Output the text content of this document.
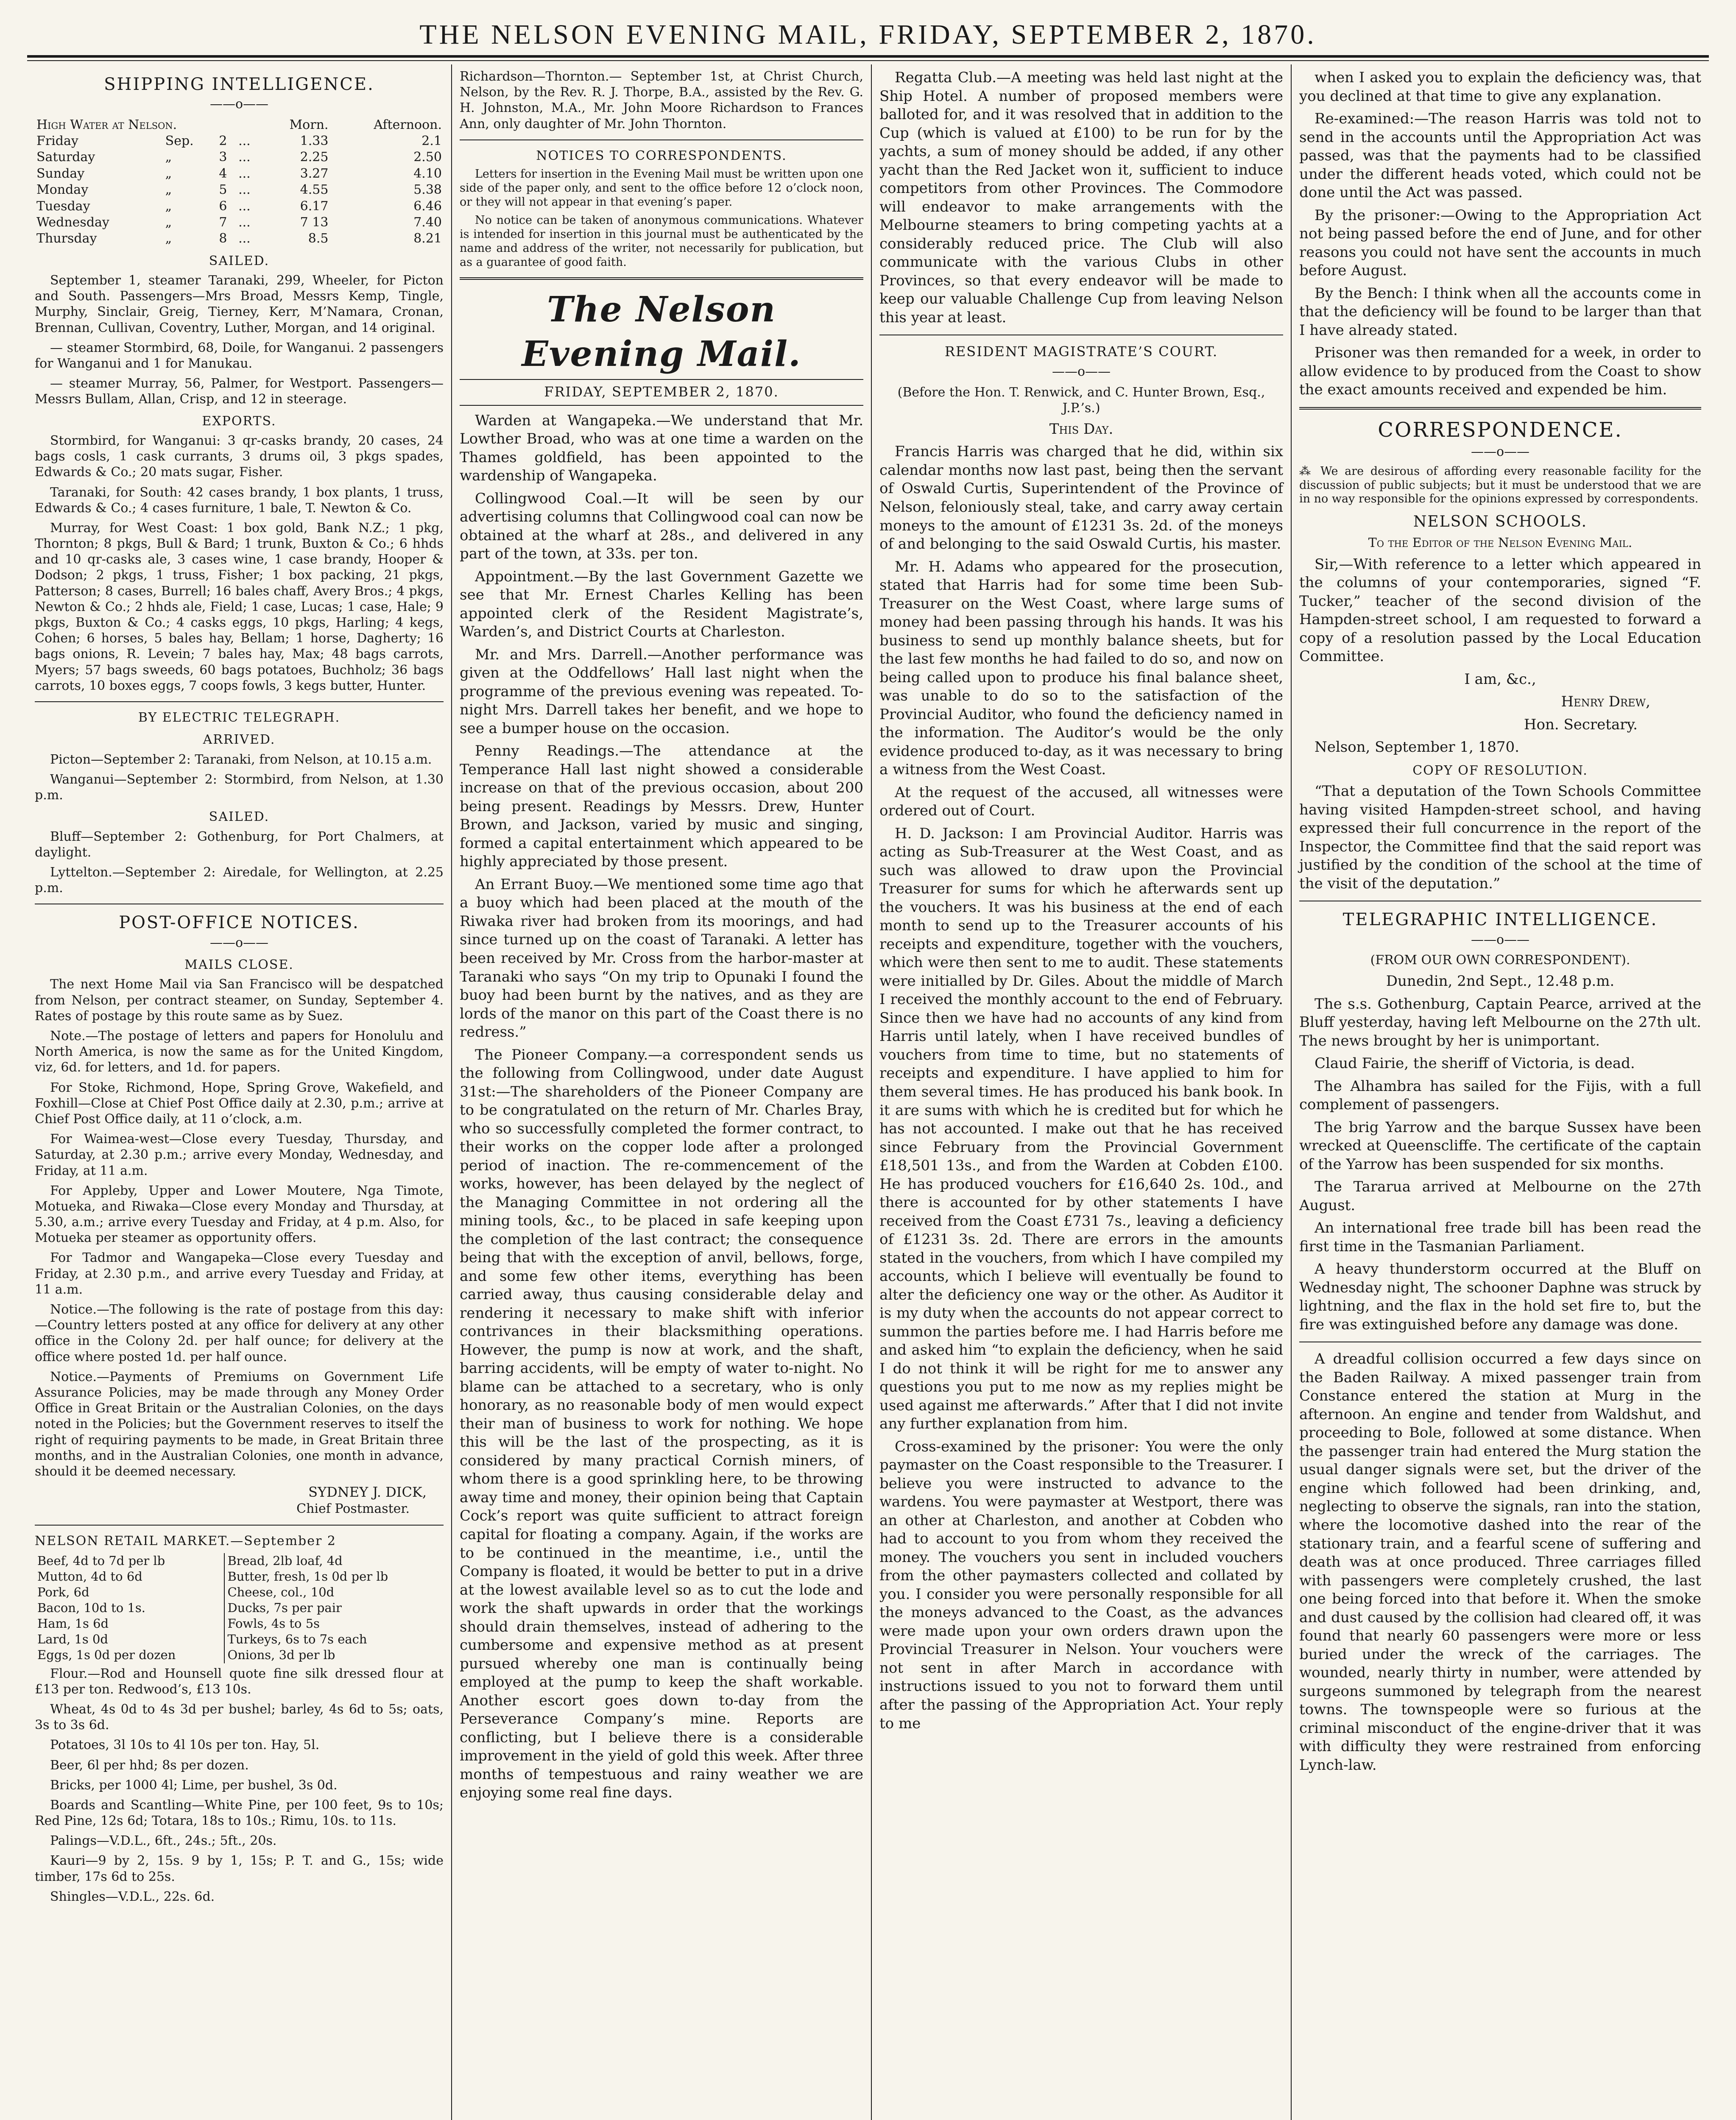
THE NELSON EVENING MAIL, FRIDAY, SEPTEMBER 2, 1870.
SHIPPING INTELLIGENCE.
——o——
High Water at Nelson.				Morn.	Afternoon.
Friday	Sep.	2	...	1.33	2.1
Saturday	„	3	...	2.25	2.50
Sunday	„	4	...	3.27	4.10
Monday	„	5	...	4.55	5.38
Tuesday	„	6	...	6.17	6.46
Wednesday	„	7	...	7 13	7.40
Thursday	„	8	...	8.5	8.21
SAILED.

September 1, steamer Taranaki, 299, Wheeler, for Picton and South. Passengers—Mrs Broad, Messrs Kemp, Tingle, Murphy, Sinclair, Greig, Tierney, Kerr, M’Namara, Cronan, Brennan, Cullivan, Coventry, Luther, Morgan, and 14 original.

— steamer Stormbird, 68, Doile, for Wanganui. 2 passengers for Wanganui and 1 for Manukau.

— steamer Murray, 56, Palmer, for Westport. Passengers—Messrs Bullam, Allan, Crisp, and 12 in steerage.

EXPORTS.

Stormbird, for Wanganui: 3 qr-casks brandy, 20 cases, 24 bags cosls, 1 cask currants, 3 drums oil, 3 pkgs spades, Edwards & Co.; 20 mats sugar, Fisher.

Taranaki, for South: 42 cases brandy, 1 box plants, 1 truss, Edwards & Co.; 4 cases furniture, 1 bale, T. Newton & Co.

Murray, for West Coast: 1 box gold, Bank N.Z.; 1 pkg, Thornton; 8 pkgs, Bull & Bard; 1 trunk, Buxton & Co.; 6 hhds and 10 qr-casks ale, 3 cases wine, 1 case brandy, Hooper & Dodson; 2 pkgs, 1 truss, Fisher; 1 box packing, 21 pkgs, Patterson; 8 cases, Burrell; 16 bales chaff, Avery Bros.; 4 pkgs, Newton & Co.; 2 hhds ale, Field; 1 case, Lucas; 1 case, Hale; 9 pkgs, Buxton & Co.; 4 casks eggs, 10 pkgs, Harling; 4 kegs, Cohen; 6 horses, 5 bales hay, Bellam; 1 horse, Dagherty; 16 bags onions, R. Levein; 7 bales hay, Max; 48 bags carrots, Myers; 57 bags sweeds, 60 bags potatoes, Buchholz; 36 bags carrots, 10 boxes eggs, 7 coops fowls, 3 kegs butter, Hunter.

BY ELECTRIC TELEGRAPH.
ARRIVED.

Picton—September 2: Taranaki, from Nelson, at 10.15 a.m.

Wanganui—September 2: Stormbird, from Nelson, at 1.30 p.m.

SAILED.

Bluff—September 2: Gothenburg, for Port Chalmers, at daylight.

Lyttelton.—September 2: Airedale, for Wellington, at 2.25 p.m.

POST-OFFICE NOTICES.
——o——
MAILS CLOSE.

The next Home Mail via San Francisco will be despatched from Nelson, per contract steamer, on Sunday, September 4. Rates of postage by this route same as by Suez.

Note.—The postage of letters and papers for Honolulu and North America, is now the same as for the United Kingdom, viz, 6d. for letters, and 1d. for papers.

For Stoke, Richmond, Hope, Spring Grove, Wakefield, and Foxhill—Close at Chief Post Office daily at 2.30, p.m.; arrive at Chief Post Office daily, at 11 o’clock, a.m.

For Waimea-west—Close every Tuesday, Thursday, and Saturday, at 2.30 p.m.; arrive every Monday, Wednesday, and Friday, at 11 a.m.

For Appleby, Upper and Lower Moutere, Nga Timote, Motueka, and Riwaka—Close every Monday and Thursday, at 5.30, a.m.; arrive every Tuesday and Friday, at 4 p.m. Also, for Motueka per steamer as opportunity offers.

For Tadmor and Wangapeka—Close every Tuesday and Friday, at 2.30 p.m., and arrive every Tuesday and Friday, at 11 a.m.

Notice.—The following is the rate of postage from this day:—Country letters posted at any office for delivery at any other office in the Colony 2d. per half ounce; for delivery at the office where posted 1d. per half ounce.

Notice.—Payments of Premiums on Government Life Assurance Policies, may be made through any Money Order Office in Great Britain or the Australian Colonies, on the days noted in the Policies; but the Government reserves to itself the right of requiring payments to be made, in Great Britain three months, and in the Australian Colonies, one month in advance, should it be deemed necessary.

SYDNEY J. DICK,
Chief Postmaster.
NELSON RETAIL MARKET.—September 2
Beef, 4d to 7d per lb	Bread, 2lb loaf, 4d
Mutton, 4d to 6d	Butter, fresh, 1s 0d per lb
Pork, 6d	Cheese, col., 10d
Bacon, 10d to 1s.	Ducks, 7s per pair
Ham, 1s 6d	Fowls, 4s to 5s
Lard, 1s 0d	Turkeys, 6s to 7s each
Eggs, 1s 0d per dozen	Onions, 3d per lb

Flour.—Rod and Hounsell quote fine silk dressed flour at £13 per ton. Redwood’s, £13 10s.

Wheat, 4s 0d to 4s 3d per bushel; barley, 4s 6d to 5s; oats, 3s to 3s 6d.

Potatoes, 3l 10s to 4l 10s per ton. Hay, 5l.

Beer, 6l per hhd; 8s per dozen.

Bricks, per 1000 4l; Lime, per bushel, 3s 0d.

Boards and Scantling—White Pine, per 100 feet, 9s to 10s; Red Pine, 12s 6d; Totara, 18s to 10s.; Rimu, 10s. to 11s.

Palings—V.D.L., 6ft., 24s.; 5ft., 20s.

Kauri—9 by 2, 15s. 9 by 1, 15s; P. T. and G., 15s; wide timber, 17s 6d to 25s.

Shingles—V.D.L., 22s. 6d.

Richardson—Thornton.— September 1st, at Christ Church, Nelson, by the Rev. R. J. Thorpe, B.A., assisted by the Rev. G. H. Johnston, M.A., Mr. John Moore Richardson to Frances Ann, only daughter of Mr. John Thornton.

NOTICES TO CORRESPONDENTS.

Letters for insertion in the Evening Mail must be written upon one side of the paper only, and sent to the office before 12 o’clock noon, or they will not appear in that evening’s paper.

No notice can be taken of anonymous communications. Whatever is intended for insertion in this journal must be authenticated by the name and address of the writer, not necessarily for publication, but as a guarantee of good faith.

The Nelson Evening Mail.
FRIDAY, SEPTEMBER 2, 1870.

Warden at Wangapeka.—We understand that Mr. Lowther Broad, who was at one time a warden on the Thames goldfield, has been appointed to the wardenship of Wangapeka.

Collingwood Coal.—It will be seen by our advertising columns that Collingwood coal can now be obtained at the wharf at 28s., and delivered in any part of the town, at 33s. per ton.

Appointment.—By the last Government Gazette we see that Mr. Ernest Charles Kelling has been appointed clerk of the Resident Magistrate’s, Warden’s, and District Courts at Charleston.

Mr. and Mrs. Darrell.—Another performance was given at the Oddfellows’ Hall last night when the programme of the previous evening was repeated. To-night Mrs. Darrell takes her benefit, and we hope to see a bumper house on the occasion.

Penny Readings.—The attendance at the Temperance Hall last night showed a considerable increase on that of the previous occasion, about 200 being present. Readings by Messrs. Drew, Hunter Brown, and Jackson, varied by music and singing, formed a capital entertainment which appeared to be highly appreciated by those present.

An Errant Buoy.—We mentioned some time ago that a buoy which had been placed at the mouth of the Riwaka river had broken from its moorings, and had since turned up on the coast of Taranaki. A letter has been received by Mr. Cross from the harbor-master at Taranaki who says “On my trip to Opunaki I found the buoy had been burnt by the natives, and as they are lords of the manor on this part of the Coast there is no redress.”

The Pioneer Company.—a correspondent sends us the following from Collingwood, under date August 31st:—The shareholders of the Pioneer Company are to be congratulated on the return of Mr. Charles Bray, who so successfully completed the former contract, to their works on the copper lode after a prolonged period of inaction. The re-commencement of the works, however, has been delayed by the neglect of the Managing Committee in not ordering all the mining tools, &c., to be placed in safe keeping upon the completion of the last contract; the consequence being that with the exception of anvil, bellows, forge, and some few other items, everything has been carried away, thus causing considerable delay and rendering it necessary to make shift with inferior contrivances in their blacksmithing operations. However, the pump is now at work, and the shaft, barring accidents, will be empty of water to-night. No blame can be attached to a secretary, who is only honorary, as no reasonable body of men would expect their man of business to work for nothing. We hope this will be the last of the prospecting, as it is considered by many practical Cornish miners, of whom there is a good sprinkling here, to be throwing away time and money, their opinion being that Captain Cock’s report was quite sufficient to attract foreign capital for floating a company. Again, if the works are to be continued in the meantime, i.e., until the Company is floated, it would be better to put in a drive at the lowest available level so as to cut the lode and work the shaft upwards in order that the workings should drain themselves, instead of adhering to the cumbersome and expensive method as at present pursued whereby one man is continually being employed at the pump to keep the shaft workable. Another escort goes down to-day from the Perseverance Company’s mine. Reports are conflicting, but I believe there is a considerable improvement in the yield of gold this week. After three months of tempestuous and rainy weather we are enjoying some real fine days.

Regatta Club.—A meeting was held last night at the Ship Hotel. A number of proposed members were balloted for, and it was resolved that in addition to the Cup (which is valued at £100) to be run for by the yachts, a sum of money should be added, if any other yacht than the Red Jacket won it, sufficient to induce competitors from other Provinces. The Commodore will endeavor to make arrangements with the Melbourne steamers to bring competing yachts at a considerably reduced price. The Club will also communicate with the various Clubs in other Provinces, so that every endeavor will be made to keep our valuable Challenge Cup from leaving Nelson this year at least.

RESIDENT MAGISTRATE’S COURT.
——o——

(Before the Hon. T. Renwick, and C. Hunter Brown, Esq., J.P.’s.)

This Day.

Francis Harris was charged that he did, within six calendar months now last past, being then the servant of Oswald Curtis, Superintendent of the Province of Nelson, feloniously steal, take, and carry away certain moneys to the amount of £1231 3s. 2d. of the moneys of and belonging to the said Oswald Curtis, his master.

Mr. H. Adams who appeared for the prosecution, stated that Harris had for some time been Sub-Treasurer on the West Coast, where large sums of money had been passing through his hands. It was his business to send up monthly balance sheets, but for the last few months he had failed to do so, and now on being called upon to produce his final balance sheet, was unable to do so to the satisfaction of the Provincial Auditor, who found the deficiency named in the information. The Auditor’s would be the only evidence produced to-day, as it was necessary to bring a witness from the West Coast.

At the request of the accused, all witnesses were ordered out of Court.

H. D. Jackson: I am Provincial Auditor. Harris was acting as Sub-Treasurer at the West Coast, and as such was allowed to draw upon the Provincial Treasurer for sums for which he afterwards sent up the vouchers. It was his business at the end of each month to send up to the Treasurer accounts of his receipts and expenditure, together with the vouchers, which were then sent to me to audit. These statements were initialled by Dr. Giles. About the middle of March I received the monthly account to the end of February. Since then we have had no accounts of any kind from Harris until lately, when I have received bundles of vouchers from time to time, but no statements of receipts and expenditure. I have applied to him for them several times. He has produced his bank book. In it are sums with which he is credited but for which he has not accounted. I make out that he has received since February from the Provincial Government £18,501 13s., and from the Warden at Cobden £100. He has produced vouchers for £16,640 2s. 10d., and there is accounted for by other statements I have received from the Coast £731 7s., leaving a deficiency of £1231 3s. 2d. There are errors in the amounts stated in the vouchers, from which I have compiled my accounts, which I believe will eventually be found to alter the deficiency one way or the other. As Auditor it is my duty when the accounts do not appear correct to summon the parties before me. I had Harris before me and asked him “to explain the deficiency, when he said I do not think it will be right for me to answer any questions you put to me now as my replies might be used against me afterwards.” After that I did not invite any further explanation from him.

Cross-examined by the prisoner: You were the only paymaster on the Coast responsible to the Treasurer. I believe you were instructed to advance to the wardens. You were paymaster at Westport, there was an other at Charleston, and another at Cobden who had to account to you from whom they received the money. The vouchers you sent in included vouchers from the other paymasters collected and collated by you. I consider you were personally responsible for all the moneys advanced to the Coast, as the advances were made upon your own orders drawn upon the Provincial Treasurer in Nelson. Your vouchers were not sent in after March in accordance with instructions issued to you not to forward them until after the passing of the Appropriation Act. Your reply to me

when I asked you to explain the deficiency was, that you declined at that time to give any explanation.

Re-examined:—The reason Harris was told not to send in the accounts until the Appropriation Act was passed, was that the payments had to be classified under the different heads voted, which could not be done until the Act was passed.

By the prisoner:—Owing to the Appropriation Act not being passed before the end of June, and for other reasons you could not have sent the accounts in much before August.

By the Bench: I think when all the accounts come in that the deficiency will be found to be larger than that I have already stated.

Prisoner was then remanded for a week, in order to allow evidence to by produced from the Coast to show the exact amounts received and expended be him.

CORRESPONDENCE.
——o——

⁂ We are desirous of affording every reasonable facility for the discussion of public subjects; but it must be understood that we are in no way responsible for the opinions expressed by correspondents.

NELSON SCHOOLS.

To the Editor of the Nelson Evening Mail.

Sir,—With reference to a letter which appeared in the columns of your contemporaries, signed “F. Tucker,” teacher of the second division of the Hampden-street school, I am requested to forward a copy of a resolution passed by the Local Education Committee.

I am, &c.,

Henry Drew,

Hon. Secretary.

Nelson, September 1, 1870.

COPY OF RESOLUTION.

“That a deputation of the Town Schools Committee having visited Hampden-street school, and having expressed their full concurrence in the report of the Inspector, the Committee find that the said report was justified by the condition of the school at the time of the visit of the deputation.”

TELEGRAPHIC INTELLIGENCE.
——o——

(FROM OUR OWN CORRESPONDENT).

Dunedin, 2nd Sept., 12.48 p.m.

The s.s. Gothenburg, Captain Pearce, arrived at the Bluff yesterday, having left Melbourne on the 27th ult. The news brought by her is unimportant.

Claud Fairie, the sheriff of Victoria, is dead.

The Alhambra has sailed for the Fijis, with a full complement of passengers.

The brig Yarrow and the barque Sussex have been wrecked at Queenscliffe. The certificate of the captain of the Yarrow has been suspended for six months.

The Tararua arrived at Melbourne on the 27th August.

An international free trade bill has been read the first time in the Tasmanian Parliament.

A heavy thunderstorm occurred at the Bluff on Wednesday night, The schooner Daphne was struck by lightning, and the flax in the hold set fire to, but the fire was extinguished before any damage was done.

A dreadful collision occurred a few days since on the Baden Railway. A mixed passenger train from Constance entered the station at Murg in the afternoon. An engine and tender from Waldshut, and proceeding to Bole, followed at some distance. When the passenger train had entered the Murg station the usual danger signals were set, but the driver of the engine which followed had been drinking, and, neglecting to observe the signals, ran into the station, where the locomotive dashed into the rear of the stationary train, and a fearful scene of suffering and death was at once produced. Three carriages filled with passengers were completely crushed, the last one being forced into that before it. When the smoke and dust caused by the collision had cleared off, it was found that nearly 60 passengers were more or less buried under the wreck of the carriages. The wounded, nearly thirty in number, were attended by surgeons summoned by telegraph from the nearest towns. The townspeople were so furious at the criminal misconduct of the engine-driver that it was with difficulty they were restrained from enforcing Lynch-law.
